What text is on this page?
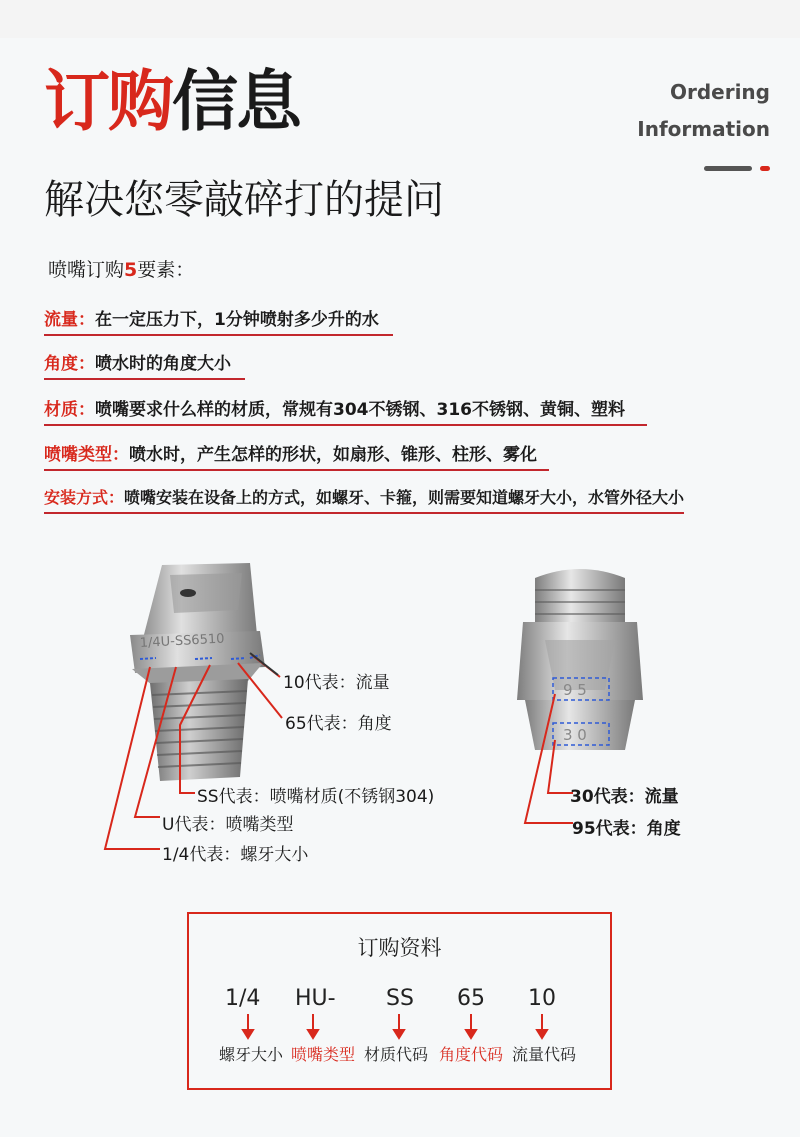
订购信息	Ordering
Information
解决您零敲碎打的提问
喷嘴订购5要素：
流量：在一定压力下，1分钟喷射多少升的水
角度：喷水时的角度大小
材质：喷嘴要求什么样的材质，常规有304不锈钢、316不锈钢、黄铜、塑料
喷嘴类型：喷水时，产生怎样的形状，如扇形、锥形、柱形、雾化
安装方式：喷嘴安装在设备上的方式，如螺牙、卡箍，则需要知道螺牙大小，水管外径大小
1/4U-SS6510
10代表：流量
65代表：角度
SS代表：喷嘴材质(不锈钢304)
U代表：喷嘴类型
1/4代表：螺牙大小
9 5
3 0
30代表：流量
95代表：角度
订购资料
1/4 HU- SS 65 10
螺牙大小 喷嘴类型 材质代码 角度代码 流量代码
